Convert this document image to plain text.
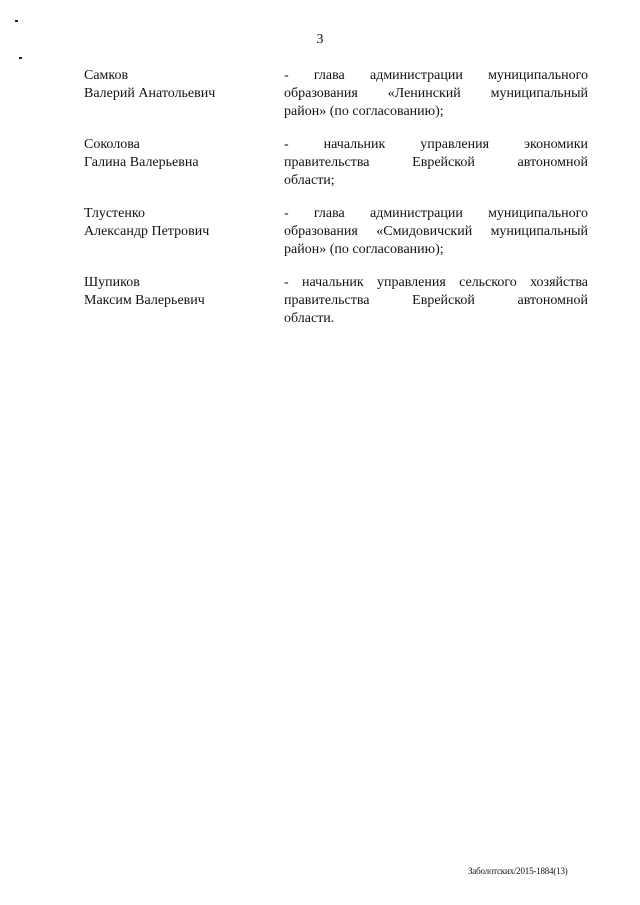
3
Самков
Валерий Анатольевич
- глава администрации муниципального
образования «Ленинский муниципальный
район» (по согласованию);
Соколова
Галина Валерьевна
- начальник управления экономики
правительства Еврейской автономной
области;
Тлустенко
Александр Петрович
- глава администрации муниципального
образования «Смидовичский муниципальный
район» (по согласованию);
Шупиков
Максим Валерьевич
- начальник управления сельского хозяйства
правительства Еврейской автономной
области.
Заболотских/2015-1884(13)
